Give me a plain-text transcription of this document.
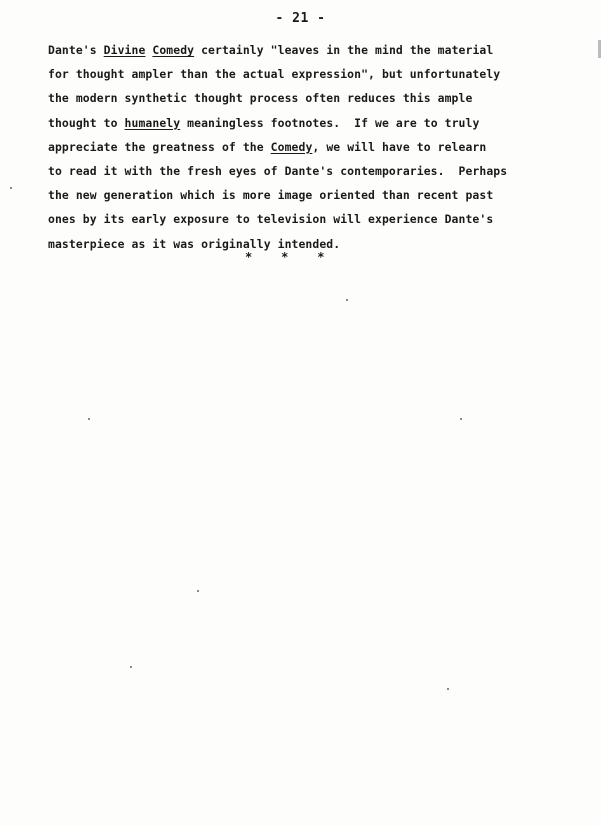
- 21 -
Dante's Divine Comedy certainly "leaves in the mind the material
for thought ampler than the actual expression", but unfortunately
the modern synthetic thought process often reduces this ample
thought to humanely meaningless footnotes.  If we are to truly
appreciate the greatness of the Comedy, we will have to relearn
to read it with the fresh eyes of Dante's contemporaries.  Perhaps
the new generation which is more image oriented than recent past
ones by its early exposure to television will experience Dante's
masterpiece as it was originally intended.
*    *    *
